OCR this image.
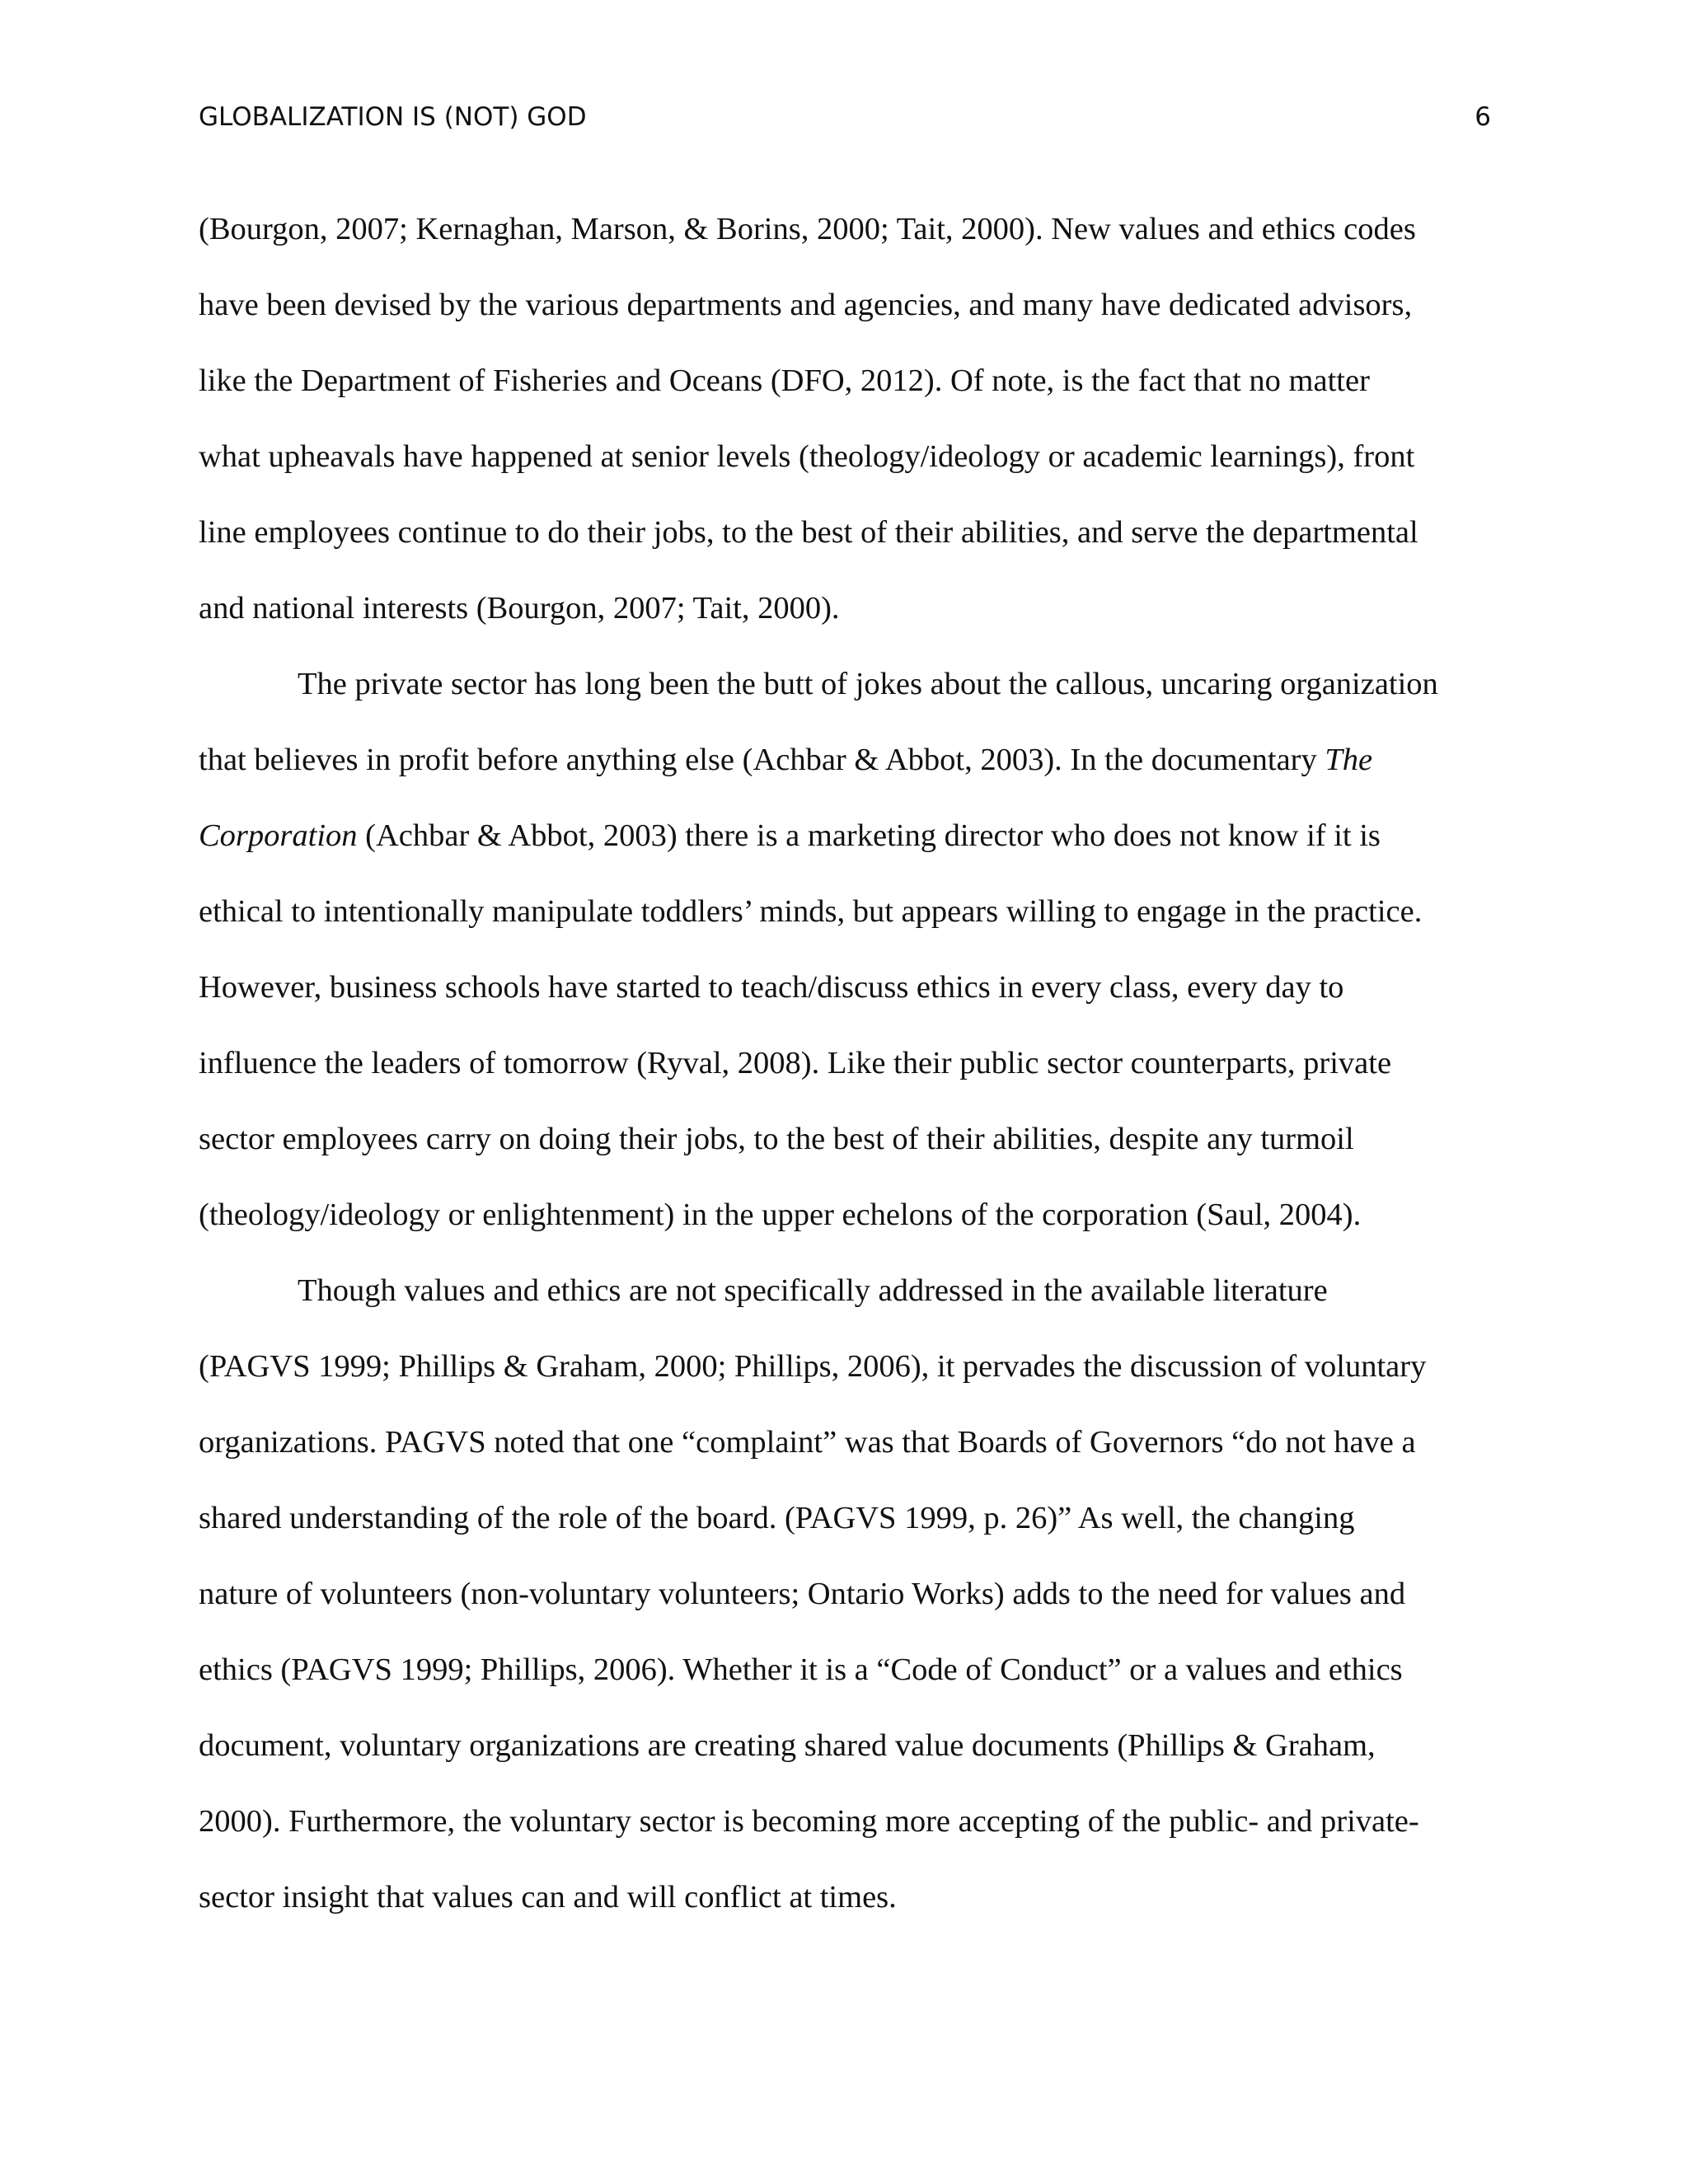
GLOBALIZATION IS (NOT) GOD	6
(Bourgon, 2007; Kernaghan, Marson, & Borins, 2000; Tait, 2000). New values and ethics codes
have been devised by the various departments and agencies, and many have dedicated advisors,
like the Department of Fisheries and Oceans (DFO, 2012). Of note, is the fact that no matter
what upheavals have happened at senior levels (theology/ideology or academic learnings), front
line employees continue to do their jobs, to the best of their abilities, and serve the departmental
and national interests (Bourgon, 2007; Tait, 2000).
The private sector has long been the butt of jokes about the callous, uncaring organization
that believes in profit before anything else (Achbar & Abbot, 2003). In the documentary The
Corporation (Achbar & Abbot, 2003) there is a marketing director who does not know if it is
ethical to intentionally manipulate toddlers’ minds, but appears willing to engage in the practice.
However, business schools have started to teach/discuss ethics in every class, every day to
influence the leaders of tomorrow (Ryval, 2008). Like their public sector counterparts, private
sector employees carry on doing their jobs, to the best of their abilities, despite any turmoil
(theology/ideology or enlightenment) in the upper echelons of the corporation (Saul, 2004).
Though values and ethics are not specifically addressed in the available literature
(PAGVS 1999; Phillips & Graham, 2000; Phillips, 2006), it pervades the discussion of voluntary
organizations. PAGVS noted that one “complaint” was that Boards of Governors “do not have a
shared understanding of the role of the board. (PAGVS 1999, p. 26)” As well, the changing
nature of volunteers (non-voluntary volunteers; Ontario Works) adds to the need for values and
ethics (PAGVS 1999; Phillips, 2006). Whether it is a “Code of Conduct” or a values and ethics
document, voluntary organizations are creating shared value documents (Phillips & Graham,
2000). Furthermore, the voluntary sector is becoming more accepting of the public- and private-
sector insight that values can and will conflict at times.
